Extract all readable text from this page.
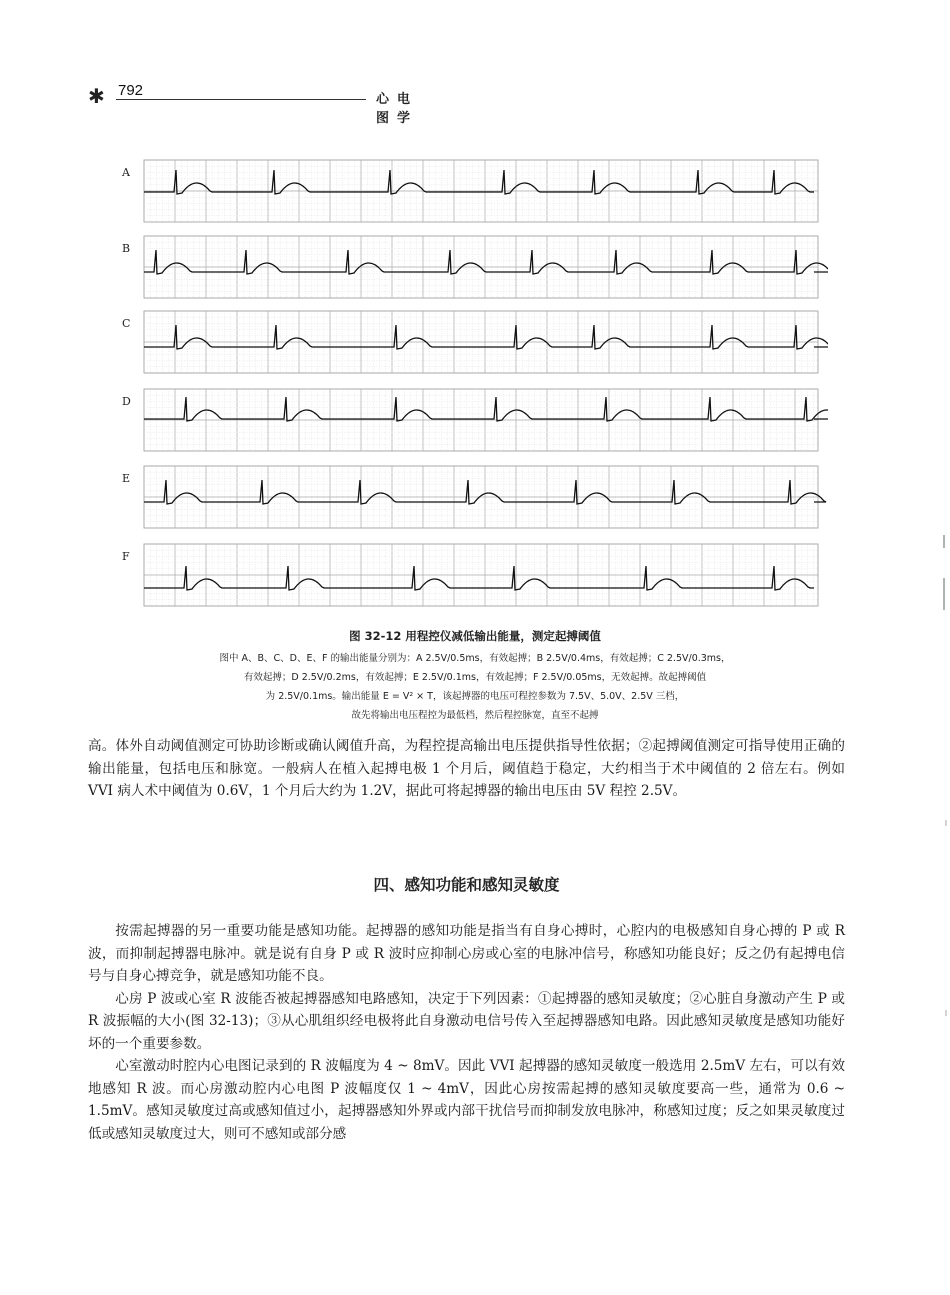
✱ 792
心电图学
A
B
C
D
E
F
图 32-12 用程控仪减低输出能量，测定起搏阈值
图中 A、B、C、D、E、F 的输出能量分别为：A 2.5V/0.5ms，有效起搏；B 2.5V/0.4ms，有效起搏；C 2.5V/0.3ms，
有效起搏；D 2.5V/0.2ms，有效起搏；E 2.5V/0.1ms，有效起搏；F 2.5V/0.05ms，无效起搏。故起搏阈值
为 2.5V/0.1ms。输出能量 E = V² × T，该起搏器的电压可程控参数为 7.5V、5.0V、2.5V 三档，
故先将输出电压程控为最低档，然后程控脉宽，直至不起搏

高。体外自动阈值测定可协助诊断或确认阈值升高，为程控提高输出电压提供指导性依据；②起搏阈值测定可指导使用正确的输出能量，包括电压和脉宽。一般病人在植入起搏电极 1 个月后，阈值趋于稳定，大约相当于术中阈值的 2 倍左右。例如 VVI 病人术中阈值为 0.6V，1 个月后大约为 1.2V，据此可将起搏器的输出电压由 5V 程控 2.5V。

四、感知功能和感知灵敏度

按需起搏器的另一重要功能是感知功能。起搏器的感知功能是指当有自身心搏时，心腔内的电极感知自身心搏的 P 或 R 波，而抑制起搏器电脉冲。就是说有自身 P 或 R 波时应抑制心房或心室的电脉冲信号，称感知功能良好；反之仍有起搏电信号与自身心搏竞争，就是感知功能不良。

心房 P 波或心室 R 波能否被起搏器感知电路感知，决定于下列因素：①起搏器的感知灵敏度；②心脏自身激动产生 P 或 R 波振幅的大小(图 32-13)；③从心肌组织经电极将此自身激动电信号传入至起搏器感知电路。因此感知灵敏度是感知功能好坏的一个重要参数。

心室激动时腔内心电图记录到的 R 波幅度为 4 ~ 8mV。因此 VVI 起搏器的感知灵敏度一般选用 2.5mV 左右，可以有效地感知 R 波。而心房激动腔内心电图 P 波幅度仅 1 ~ 4mV，因此心房按需起搏的感知灵敏度要高一些，通常为 0.6 ~ 1.5mV。感知灵敏度过高或感知值过小，起搏器感知外界或内部干扰信号而抑制发放电脉冲，称感知过度；反之如果灵敏度过低或感知灵敏度过大，则可不感知或部分感
